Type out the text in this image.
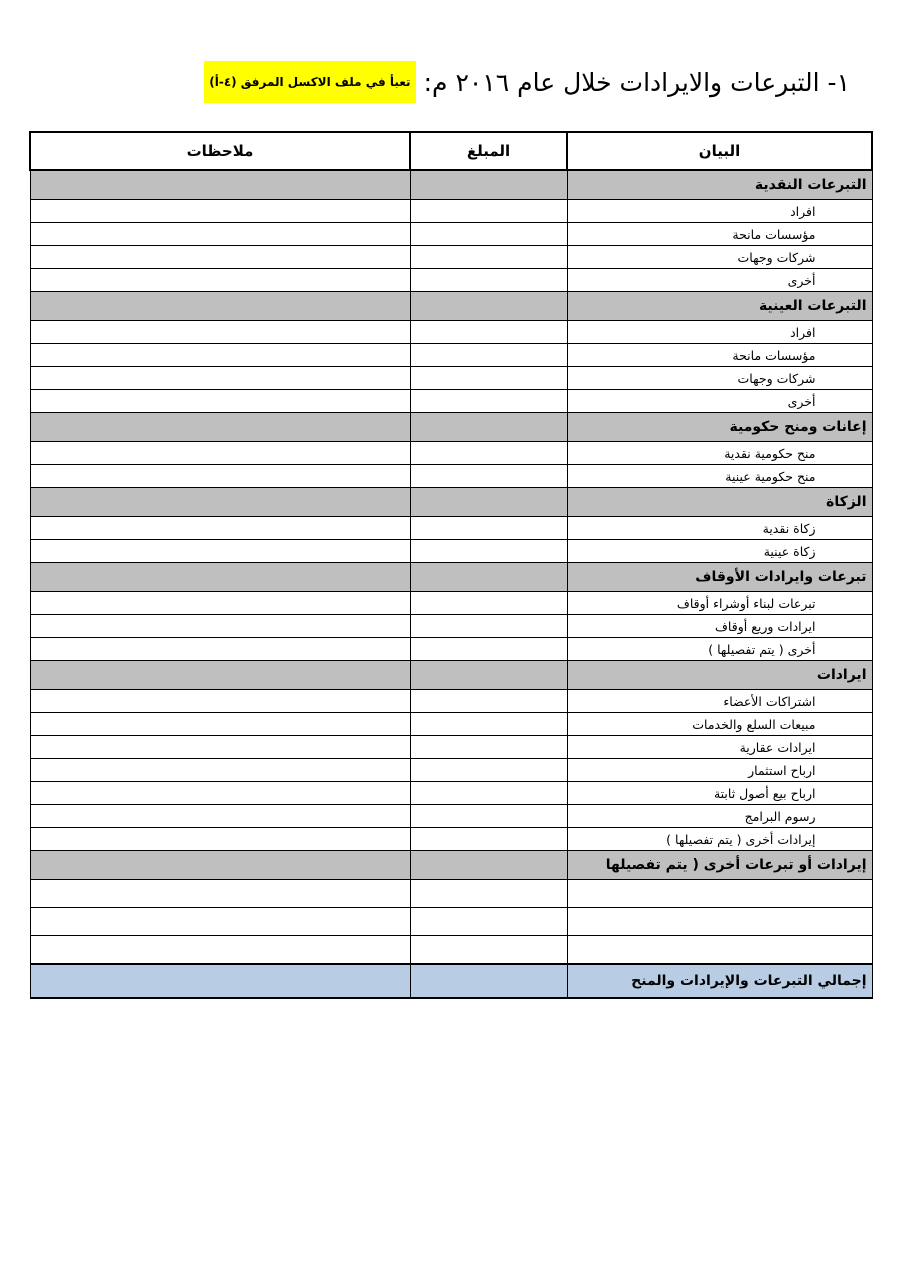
١- التبرعات والايرادات خلال عام ٢٠١٦ م:
تعبأ في ملف الاكسل المرفق (٤-أ)
البيان	المبلغ	ملاحظات
التبرعات النقدية		
افراد		
مؤسسات مانحة		
شركات وجهات		
أخرى		
التبرعات العينية		
افراد		
مؤسسات مانحة		
شركات وجهات		
أخرى		
إعانات ومنح حكومية		
منح حكومية نقدية		
منح حكومية عينية		
الزكاة		
زكاة نقدية		
زكاة عينية		
تبرعات وايرادات الأوقاف		
تبرعات لبناء أوشراء أوقاف		
ايرادات وريع أوقاف		
أخرى ( يتم تفصيلها )		
ايرادات		
اشتراكات الأعضاء		
مبيعات السلع والخدمات		
ايرادات عقارية		
ارباح استثمار		
ارباح بيع أصول ثابتة		
رسوم البرامج		
إيرادات أخرى ( يتم تفصيلها )		
إيرادات أو تبرعات أخرى ( يتم تفصيلها		

إجمالي التبرعات والإيرادات والمنح		
